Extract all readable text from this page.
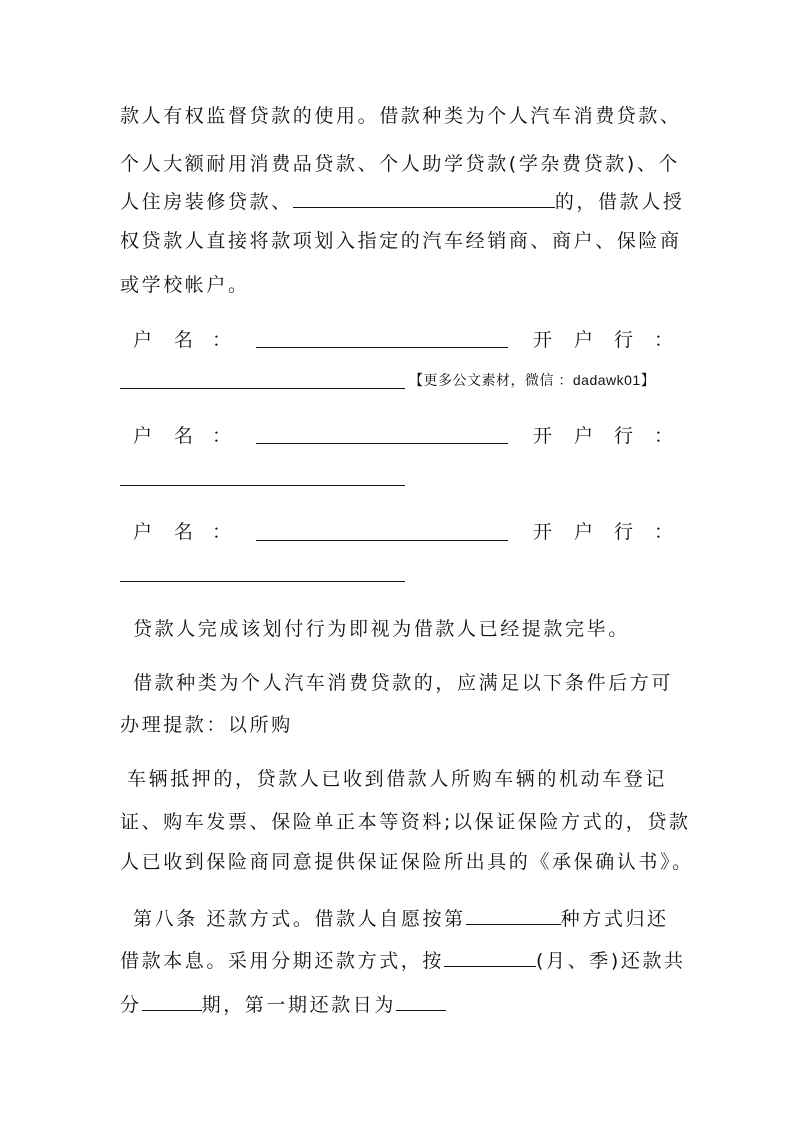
款人有权监督贷款的使用。借款种类为个人汽车消费贷款、
个人大额耐用消费品贷款、个人助学贷款(学杂费贷款)、个
人住房装修贷款、	的，借款人授
权贷款人直接将款项划入指定的汽车经销商、商户、保险商
或学校帐户。
户 名 ：	开 户 行 ：
【更多公文素材，微信 ：dadawk01】
户 名 ：	开 户 行 ：
户 名 ：	开 户 行 ：
贷款人完成该划付行为即视为借款人已经提款完毕。
借款种类为个人汽车消费贷款的，应满足以下条件后方可
办理提款：以所购
车辆抵押的，贷款人已收到借款人所购车辆的机动车登记
证、购车发票、保险单正本等资料;以保证保险方式的，贷款
人已收到保险商同意提供保证保险所出具的《承保确认书》。
第八条 还款方式。借款人自愿按第	种方式归还
借款本息。采用分期还款方式，按	(月、季)还款共
分	期，第一期还款日为
